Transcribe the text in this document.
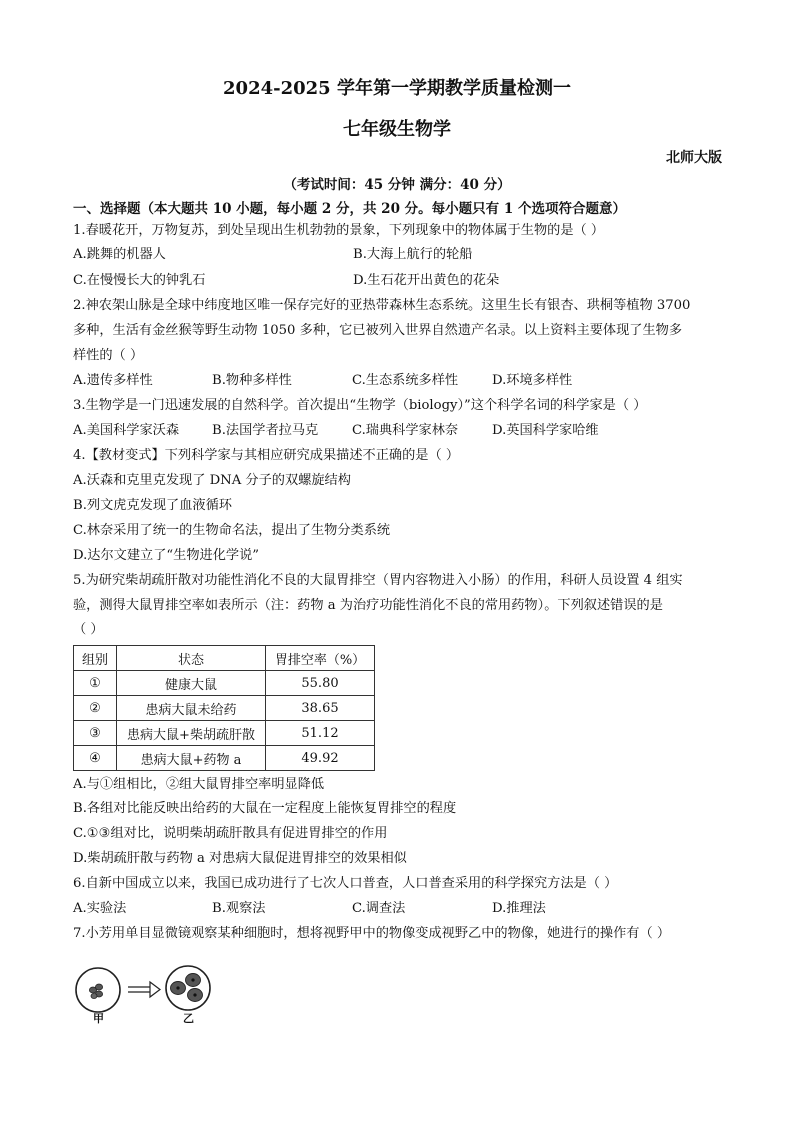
2024-2025 学年第一学期教学质量检测一
七年级生物学
北师大版
（考试时间：45 分钟 满分：40 分）
一、选择题（本大题共 10 小题，每小题 2 分，共 20 分。每小题只有 1 个选项符合题意）
1.春暖花开，万物复苏，到处呈现出生机勃勃的景象，下列现象中的物体属于生物的是（ ）
A.跳舞的机器人	B.大海上航行的轮船
C.在慢慢长大的钟乳石	D.生石花开出黄色的花朵
2.神农架山脉是全球中纬度地区唯一保存完好的亚热带森林生态系统。这里生长有银杏、珙桐等植物 3700
多种，生活有金丝猴等野生动物 1050 多种，它已被列入世界自然遗产名录。以上资料主要体现了生物多
样性的（ ）
A.遗传多样性	B.物种多样性	C.生态系统多样性	D.环境多样性
3.生物学是一门迅速发展的自然科学。首次提出“生物学（biology）”这个科学名词的科学家是（ ）
A.美国科学家沃森 B.法国学者拉马克	C.瑞典科学家林奈	D.英国科学家哈维
4.【教材变式】下列科学家与其相应研究成果描述不正确的是（ ）
A.沃森和克里克发现了 DNA 分子的双螺旋结构
B.列文虎克发现了血液循环
C.林奈采用了统一的生物命名法，提出了生物分类系统
D.达尔文建立了“生物进化学说”
5.为研究柴胡疏肝散对功能性消化不良的大鼠胃排空（胃内容物进入小肠）的作用，科研人员设置 4 组实
验，测得大鼠胃排空率如表所示（注：药物 a 为治疗功能性消化不良的常用药物）。下列叙述错误的是
（ ）
组别	状态	胃排空率（%）
①	健康大鼠	55.80
②	患病大鼠未给药	38.65
③	患病大鼠+柴胡疏肝散	51.12
④	患病大鼠+药物 a	49.92
A.与①组相比，②组大鼠胃排空率明显降低
B.各组对比能反映出给药的大鼠在一定程度上能恢复胃排空的程度
C.①③组对比，说明柴胡疏肝散具有促进胃排空的作用
D.柴胡疏肝散与药物 a 对患病大鼠促进胃排空的效果相似
6.自新中国成立以来，我国已成功进行了七次人口普查，人口普查采用的科学探究方法是（ ）
A.实验法	B.观察法	C.调查法	D.推理法
7.小芳用单目显微镜观察某种细胞时，想将视野甲中的物像变成视野乙中的物像，她进行的操作有（ ）
甲	乙
